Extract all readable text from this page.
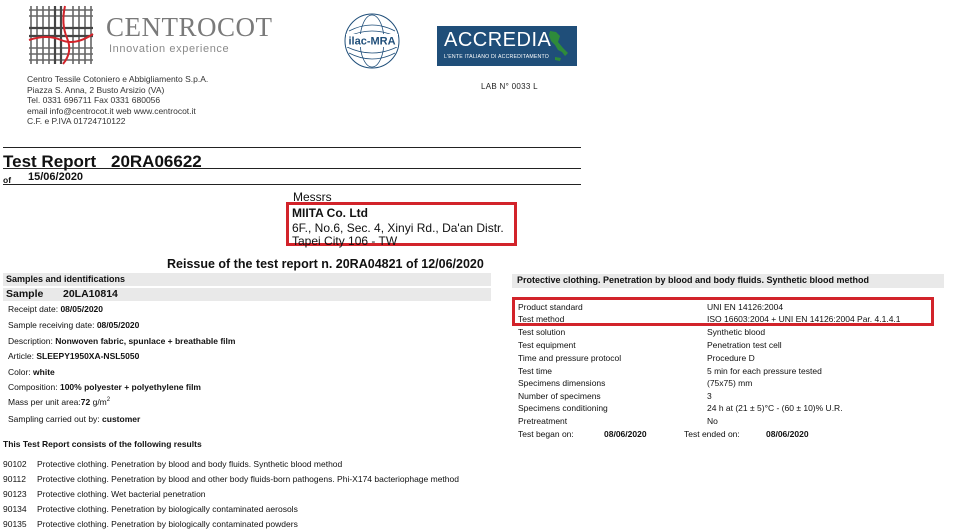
CENTROCOT
Innovation experience
ilac-MRA ACCREDIA
L'ENTE ITALIANO DI ACCREDITAMENTO
Centro Tessile Cotoniero e Abbigliamento S.p.A.
Piazza S. Anna, 2 Busto Arsizio (VA)
Tel. 0331 696711 Fax 0331 680056
email info@centrocot.it web www.centrocot.it
C.F. e P.IVA 01724710122
LAB N° 0033 L
Test Report 20RA06622
of 15/06/2020
Messrs
MIITA Co. Ltd
6F., No.6, Sec. 4, Xinyi Rd., Da'an Distr.
Tapei City 106 - TW
Reissue of the test report n. 20RA04821 of 12/06/2020
Samples and identifications
Sample 20LA10814
Receipt date: 08/05/2020
Sample receiving date: 08/05/2020
Description: Nonwoven fabric, spunlace + breathable film
Article: SLEEPY1950XA-NSL5050
Color: white
Composition: 100% polyester + polyethylene film
Mass per unit area:72 $g/m^2$
Sampling carried out by: customer
This Test Report consists of the following results
90102 Protective clothing. Penetration by blood and body fluids. Synthetic blood method
90112 Protective clothing. Penetration by blood and other body fluids-born pathogens. Phi-X174 bacteriophage method
90123 Protective clothing. Wet bacterial penetration
90134 Protective clothing. Penetration by biologically contaminated aerosols
90135 Protective clothing. Penetration by biologically contaminated powders
Protective clothing. Penetration by blood and body fluids. Synthetic blood method
Product standard	UNI EN 14126:2004
Test method	ISO 16603:2004 + UNI EN 14126:2004 Par. 4.1.4.1
Test solution	Synthetic blood
Test equipment	Penetration test cell
Time and pressure protocol	Procedure D
Test time	5 min for each pressure tested
Specimens dimensions	(75x75) mm
Number of specimens	3
Specimens conditioning	24 h at (21 ± 5)°C - (60 ± 10)% U.R.
Pretreatment	No
Test began on:	08/06/2020	Test ended on:	08/06/2020
